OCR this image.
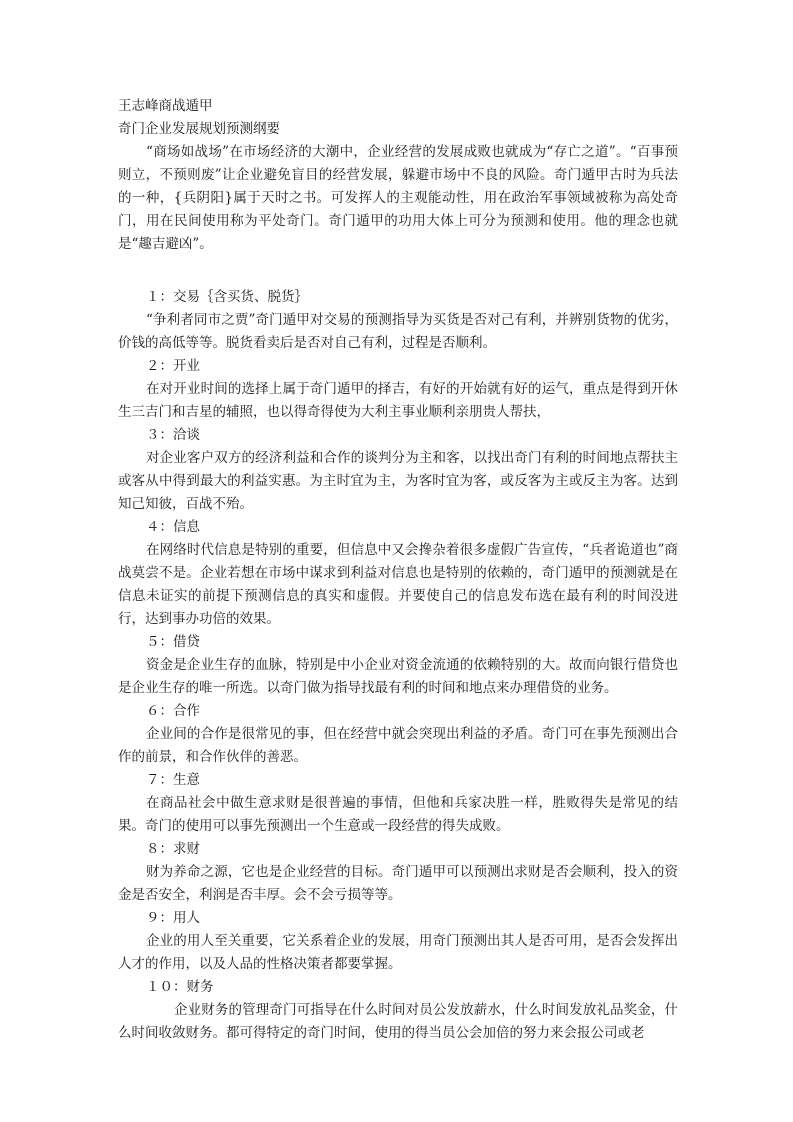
王志峰商战遁甲

奇门企业发展规划预测纲要

“商场如战场”在市场经济的大潮中，企业经营的发展成败也就成为“存亡之道”。“百事预则立，不预则废”让企业避免盲目的经营发展，躲避市场中不良的风险。奇门遁甲古时为兵法的一种，{兵阴阳}属于天时之书。可发挥人的主观能动性，用在政治军事领域被称为高处奇门，用在民间使用称为平处奇门。奇门遁甲的功用大体上可分为预测和使用。他的理念也就是“趣吉避凶”。

１：交易｛含买货、脱货｝

“争利者同市之贾”奇门遁甲对交易的预测指导为买货是否对己有利，并辨别货物的优劣，价钱的高低等等。脱货看卖后是否对自己有利，过程是否顺利。

２：开业

在对开业时间的选择上属于奇门遁甲的择吉，有好的开始就有好的运气，重点是得到开休生三吉门和吉星的辅照，也以得奇得使为大利主事业顺利亲朋贵人帮扶，

３：洽谈

对企业客户双方的经济利益和合作的谈判分为主和客，以找出奇门有利的时间地点帮扶主或客从中得到最大的利益实惠。为主时宜为主，为客时宜为客，或反客为主或反主为客。达到知己知彼，百战不殆。

４：信息

在网络时代信息是特别的重要，但信息中又会搀杂着很多虚假广告宣传，“兵者诡道也”商战莫尝不是。企业若想在市场中谋求到利益对信息也是特别的依赖的，奇门遁甲的预测就是在信息未证实的前提下预测信息的真实和虚假。并要使自己的信息发布选在最有利的时间没进行，达到事办功倍的效果。

５：借贷

资金是企业生存的血脉，特别是中小企业对资金流通的依赖特别的大。故而向银行借贷也是企业生存的唯一所选。以奇门做为指导找最有利的时间和地点来办理借贷的业务。

６：合作

企业间的合作是很常见的事，但在经营中就会突现出利益的矛盾。奇门可在事先预测出合作的前景，和合作伙伴的善恶。

７：生意

在商品社会中做生意求财是很普遍的事情，但他和兵家决胜一样，胜败得失是常见的结果。奇门的使用可以事先预测出一个生意或一段经营的得失成败。

８：求财

财为养命之源，它也是企业经营的目标。奇门遁甲可以预测出求财是否会顺利，投入的资金是否安全，利润是否丰厚。会不会亏损等等。

９：用人

企业的用人至关重要，它关系着企业的发展，用奇门预测出其人是否可用，是否会发挥出人才的作用，以及人品的性格决策者都要掌握。

１０：财务

企业财务的管理奇门可指导在什么时间对员公发放薪水，什么时间发放礼品奖金，什么时间收敛财务。都可得特定的奇门时间，使用的得当员公会加倍的努力来会报公司或老
